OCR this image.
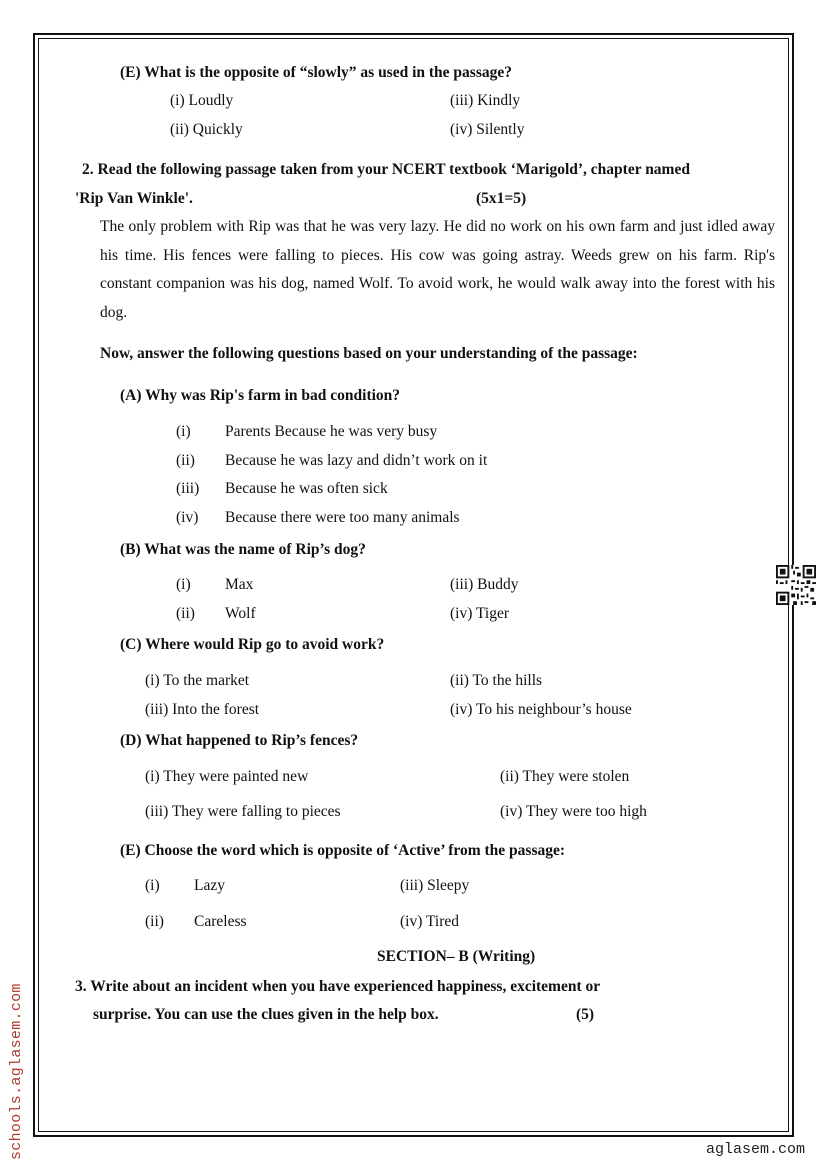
(E) What is the opposite of “slowly” as used in the passage?
(i) Loudly	(iii) Kindly
(ii) Quickly	(iv) Silently
2. Read the following passage taken from your NCERT textbook ‘Marigold’, chapter named
'Rip Van Winkle'.	(5x1=5)
The only problem with Rip was that he was very lazy. He did no work on his own farm and just idled away his time. His fences were falling to pieces. His cow was going astray. Weeds grew on his farm. Rip's constant companion was his dog, named Wolf. To avoid work, he would walk away into the forest with his dog.
Now, answer the following questions based on your understanding of the passage:
(A) Why was Rip's farm in bad condition?
(i) Parents Because he was very busy
(ii) Because he was lazy and didn’t work on it
(iii) Because he was often sick
(iv) Because there were too many animals
(B) What was the name of Rip’s dog?
(i) Max	(iii) Buddy
(ii) Wolf	(iv) Tiger
(C) Where would Rip go to avoid work?
(i) To the market	(ii) To the hills
(iii) Into the forest	(iv) To his neighbour’s house
(D) What happened to Rip’s fences?
(i) They were painted new	(ii) They were stolen
(iii) They were falling to pieces	(iv) They were too high
(E) Choose the word which is opposite of ‘Active’ from the passage:
(i) Lazy	(iii) Sleepy
(ii) Careless	(iv) Tired
SECTION– B (Writing)
3. Write about an incident when you have experienced happiness, excitement or
surprise. You can use the clues given in the help box.	(5)
schools.aglasem.com	aglasem.com
